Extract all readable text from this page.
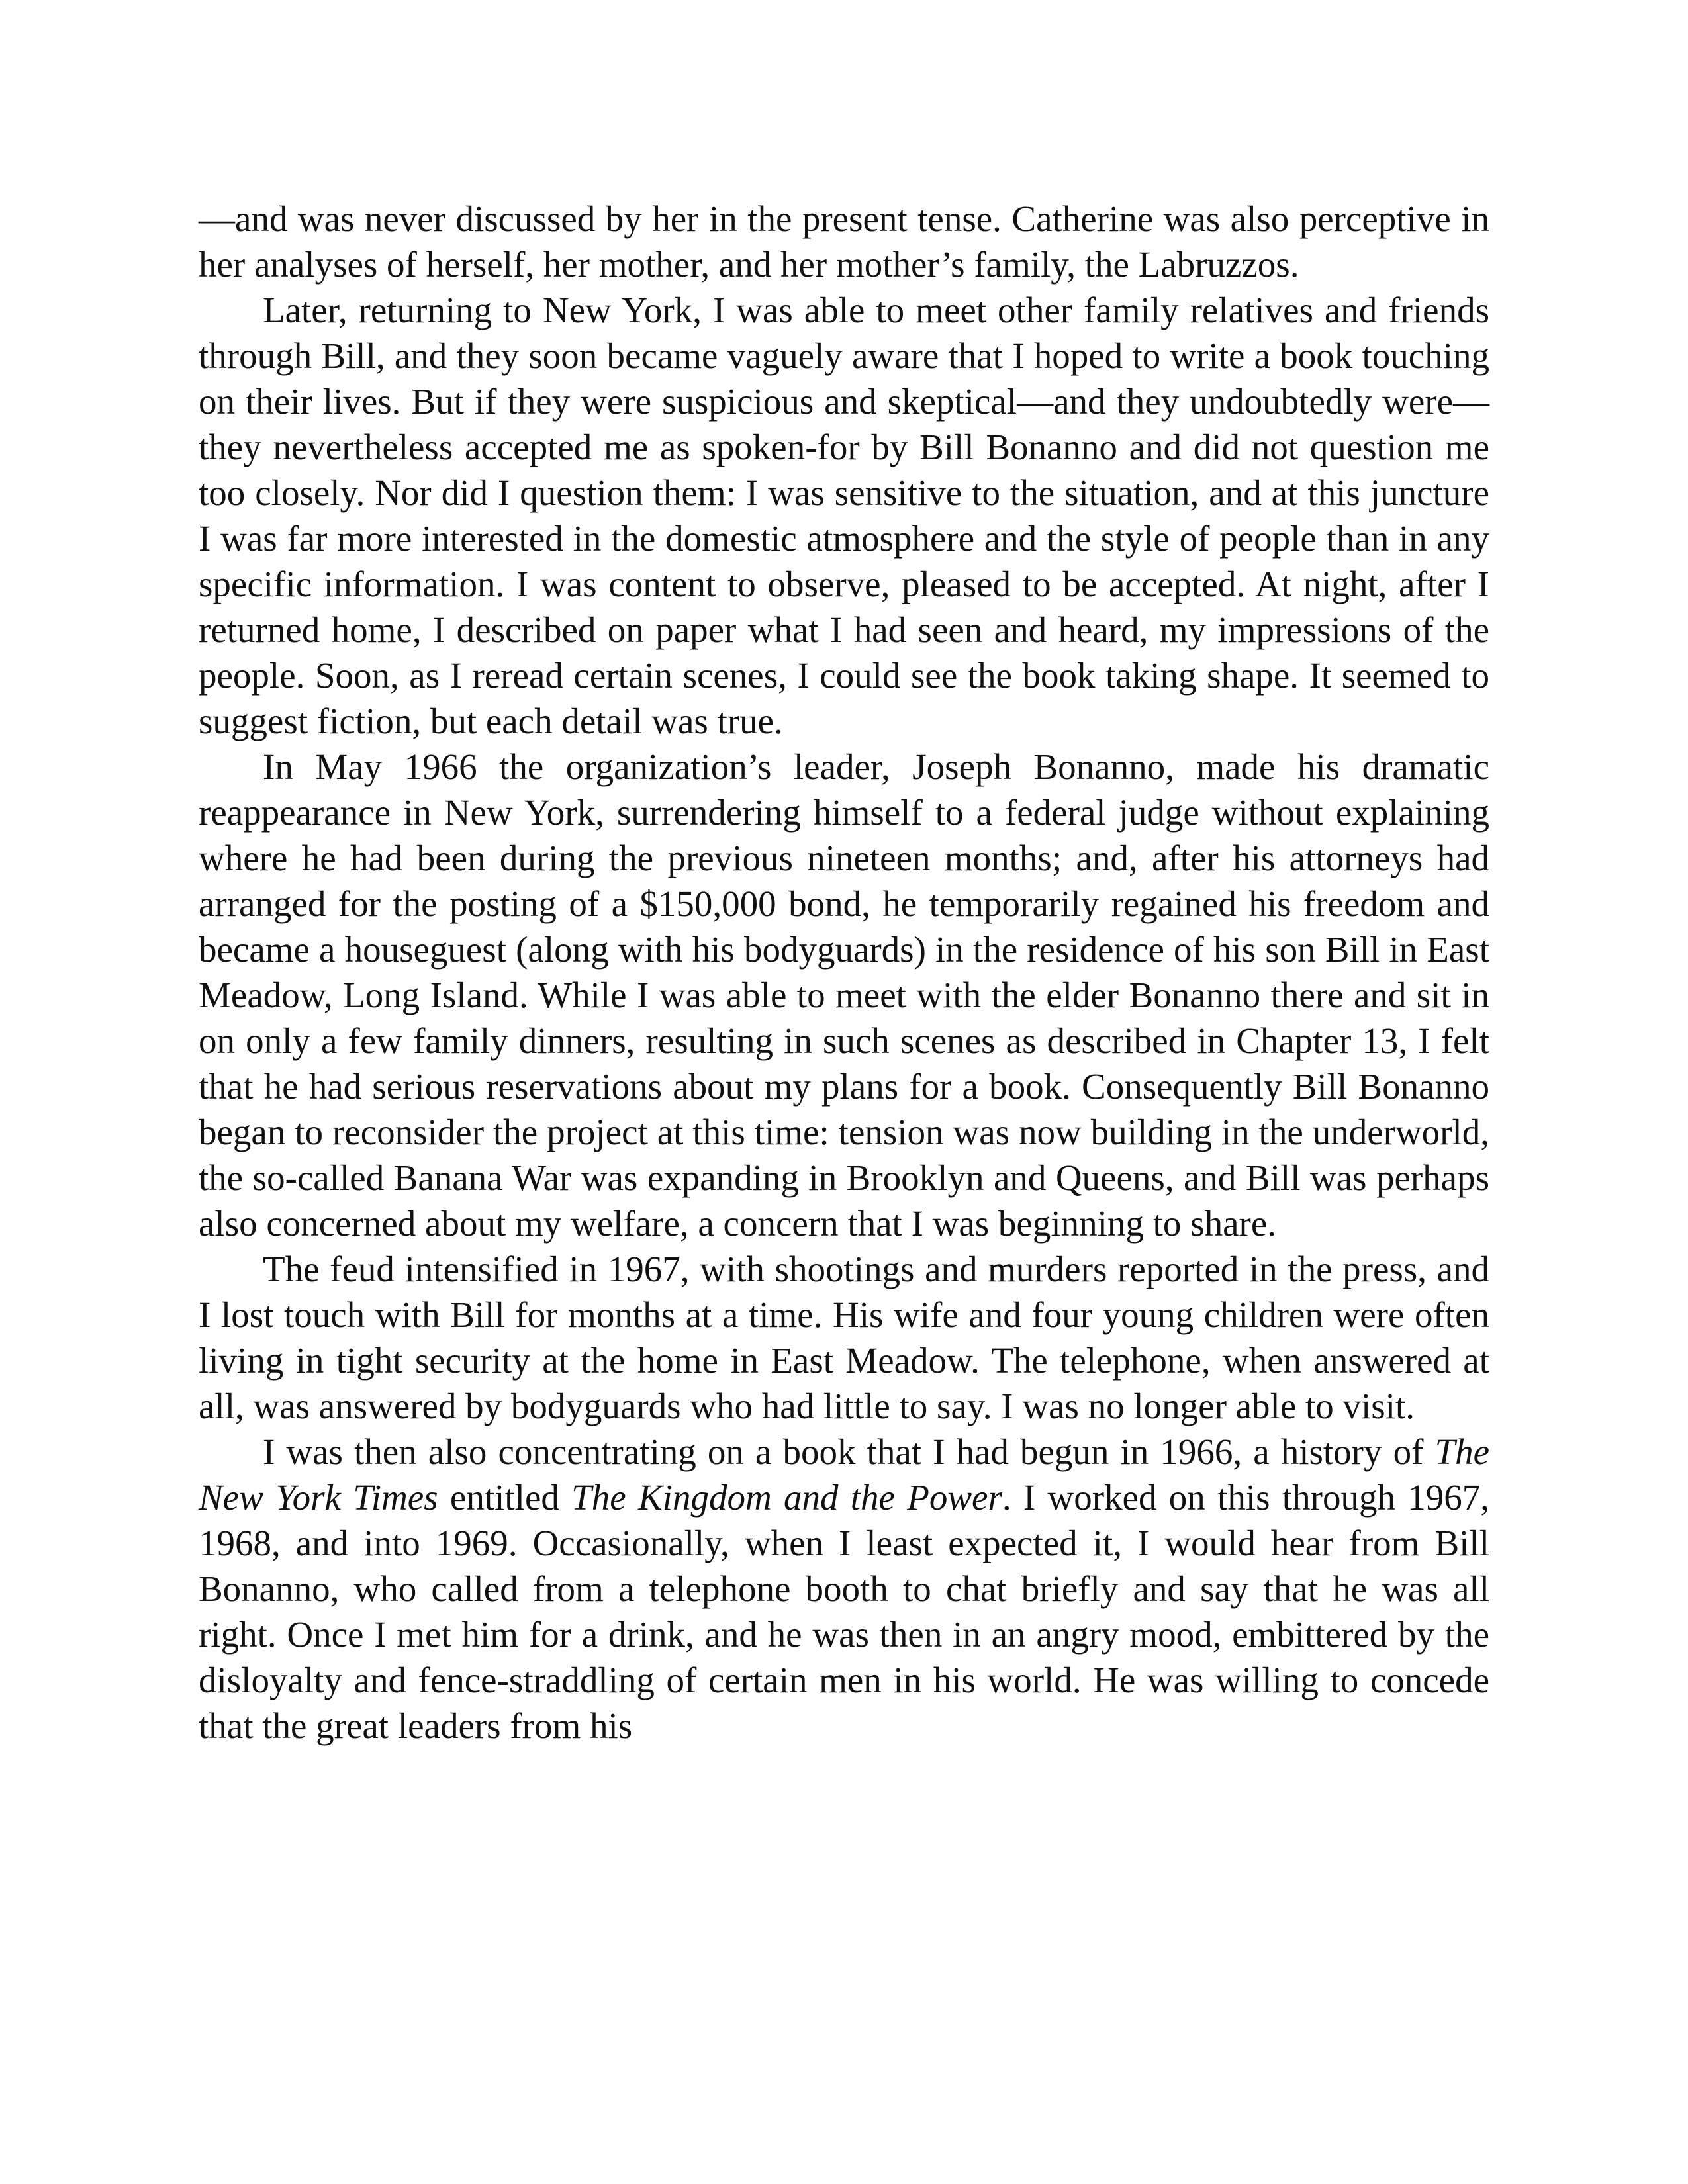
—and was never discussed by her in the present tense. Catherine was also perceptive in her analyses of herself, her mother, and her mother’s family, the Labruzzos.

Later, returning to New York, I was able to meet other family relatives and friends through Bill, and they soon became vaguely aware that I hoped to write a book touching on their lives. But if they were suspicious and skeptical—and they undoubtedly were—they nevertheless accepted me as spoken-for by Bill Bonanno and did not question me too closely. Nor did I question them: I was sensitive to the situation, and at this juncture I was far more interested in the domestic atmosphere and the style of people than in any specific information. I was content to observe, pleased to be accepted. At night, after I returned home, I described on paper what I had seen and heard, my impressions of the people. Soon, as I reread certain scenes, I could see the book taking shape. It seemed to suggest fiction, but each detail was true.

In May 1966 the organization’s leader, Joseph Bonanno, made his dramatic reappearance in New York, surrendering himself to a federal judge without explaining where he had been during the previous nineteen months; and, after his attorneys had arranged for the posting of a $150,000 bond, he temporarily regained his freedom and became a houseguest (along with his bodyguards) in the residence of his son Bill in East Meadow, Long Island. While I was able to meet with the elder Bonanno there and sit in on only a few family dinners, resulting in such scenes as described in Chapter 13, I felt that he had serious reservations about my plans for a book. Consequently Bill Bonanno began to reconsider the project at this time: tension was now building in the underworld, the so-called Banana War was expanding in Brooklyn and Queens, and Bill was perhaps also concerned about my welfare, a concern that I was beginning to share.

The feud intensified in 1967, with shootings and murders reported in the press, and I lost touch with Bill for months at a time. His wife and four young children were often living in tight security at the home in East Meadow. The telephone, when answered at all, was answered by bodyguards who had little to say. I was no longer able to visit.

I was then also concentrating on a book that I had begun in 1966, a history of The New York Times entitled The Kingdom and the Power. I worked on this through 1967, 1968, and into 1969. Occasionally, when I least expected it, I would hear from Bill Bonanno, who called from a telephone booth to chat briefly and say that he was all right. Once I met him for a drink, and he was then in an angry mood, embittered by the disloyalty and fence-straddling of certain men in his world. He was willing to concede that the great leaders from his
